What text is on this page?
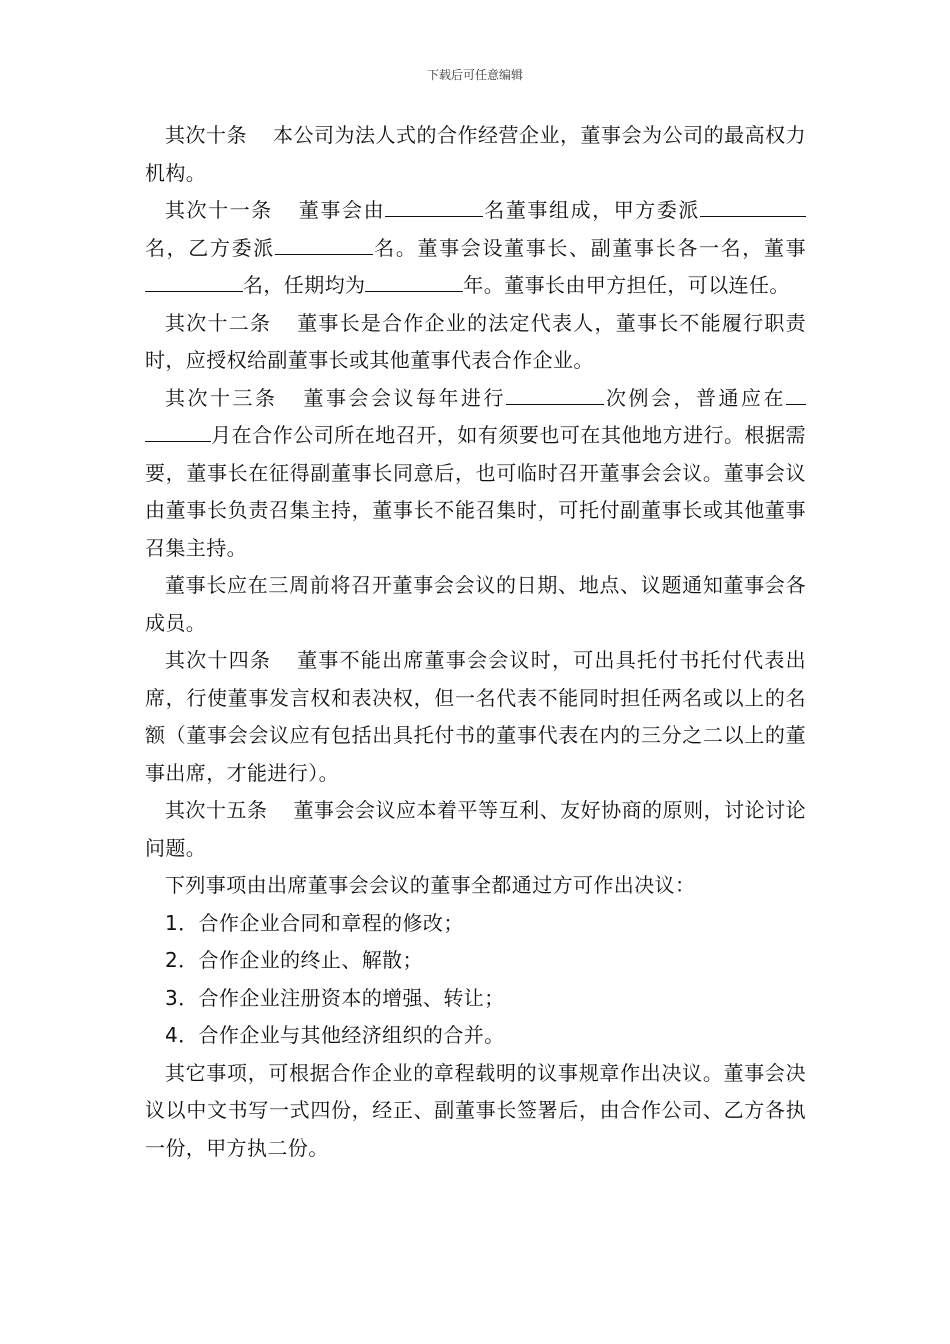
下载后可任意编辑

其次十条 本公司为法人式的合作经营企业，董事会为公司的最高权力机构。

其次十一条 董事会由	名董事组成，甲方委派名，乙方委派	名。董事会设董事长、副董事长各一名，董事名，任期均为	年。董事长由甲方担任，可以连任。

其次十二条 董事长是合作企业的法定代表人，董事长不能履行职责时，应授权给副董事长或其他董事代表合作企业。

其次十三条 董事会会议每年进行	次例会，普通应在月在合作公司所在地召开，如有须要也可在其他地方进行。根据需要，董事长在征得副董事长同意后，也可临时召开董事会会议。董事会议由董事长负责召集主持，董事长不能召集时，可托付副董事长或其他董事召集主持。

董事长应在三周前将召开董事会会议的日期、地点、议题通知董事会各成员。

其次十四条 董事不能出席董事会会议时，可出具托付书托付代表出席，行使董事发言权和表决权，但一名代表不能同时担任两名或以上的名额（董事会会议应有包括出具托付书的董事代表在内的三分之二以上的董事出席，才能进行）。

其次十五条 董事会会议应本着平等互利、友好协商的原则，讨论讨论问题。

下列事项由出席董事会会议的董事全都通过方可作出决议：

1．合作企业合同和章程的修改；

2．合作企业的终止、解散；

3．合作企业注册资本的增强、转让；

4．合作企业与其他经济组织的合并。

其它事项，可根据合作企业的章程载明的议事规章作出决议。董事会决议以中文书写一式四份，经正、副董事长签署后，由合作公司、乙方各执一份，甲方执二份。
